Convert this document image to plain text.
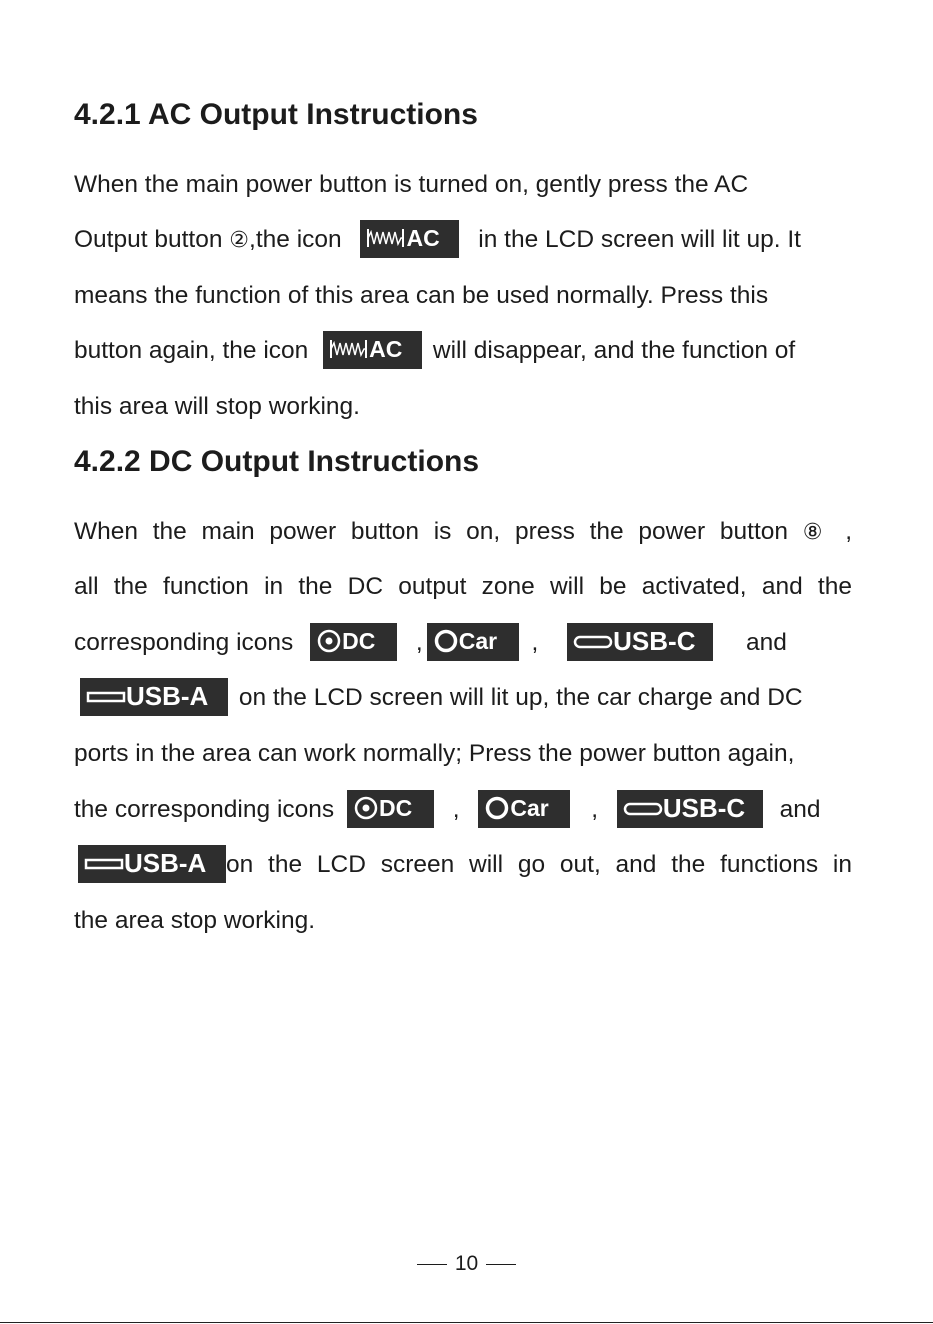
4.2.1 AC Output Instructions
When the main power button is turned on, gently press the AC
Output button ②,the icon	AC in the LCD screen will lit up. It
means the function of this area can be used normally. Press this
button again, the icon	AC will disappear, and the function of
this area will stop working.
4.2.2 DC Output Instructions
When the main power button is on, press the power button ⑧ ,
all the function in the DC output zone will be activated, and the
corresponding icons DC , Car ,	USB-C and
USB-A on the LCD screen will lit up, the car charge and DC
ports in the area can work normally; Press the power button again,
the corresponding icons DC , Car , USB-C and
USB-A on the LCD screen will go out, and the functions in
the area stop working.
10
